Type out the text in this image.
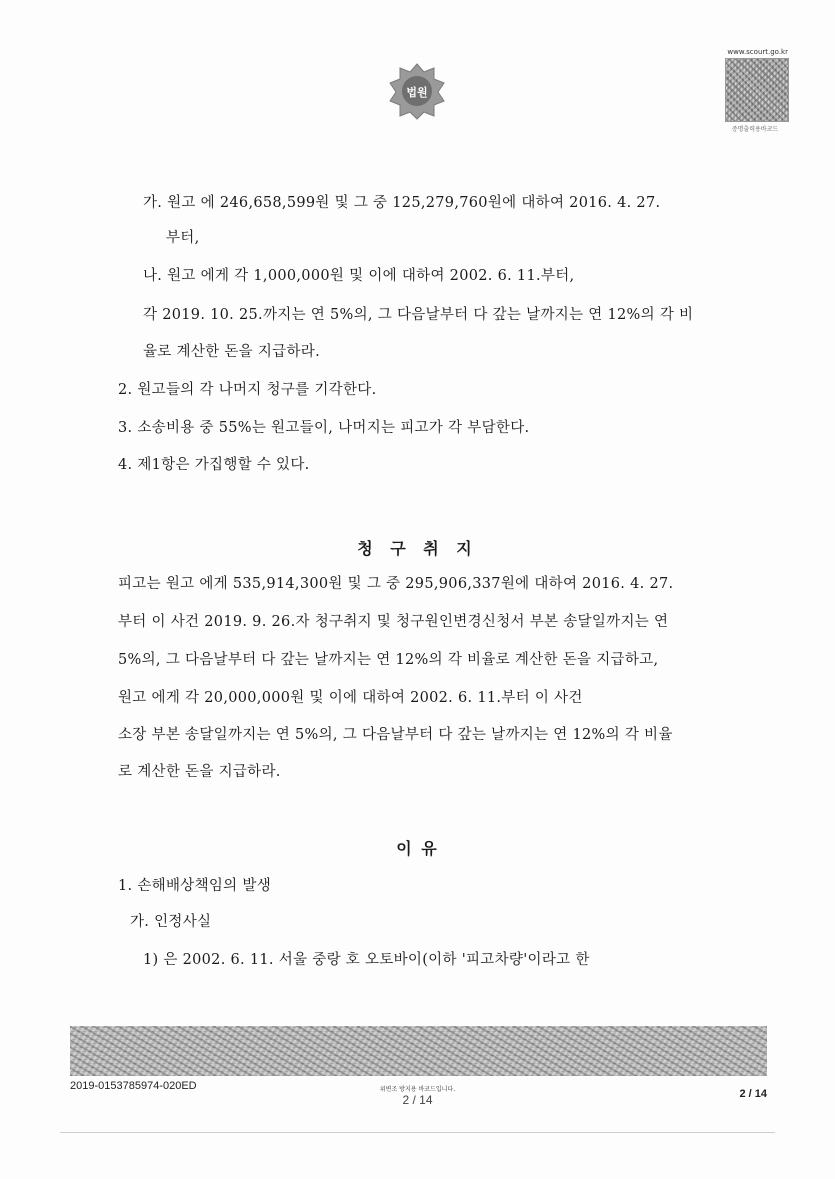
법원
www.scourt.go.kr
증명출력용바코드
가. 원고 에 246,658,599원 및 그 중 125,279,760원에 대하여 2016. 4. 27.
부터,
나. 원고 에게 각 1,000,000원 및 이에 대하여 2002. 6. 11.부터,
각 2019. 10. 25.까지는 연 5%의, 그 다음날부터 다 갚는 날까지는 연 12%의 각 비
율로 계산한 돈을 지급하라.
2. 원고들의 각 나머지 청구를 기각한다.
3. 소송비용 중 55%는 원고들이, 나머지는 피고가 각 부담한다.
4. 제1항은 가집행할 수 있다.
청 구 취 지
피고는 원고 에게 535,914,300원 및 그 중 295,906,337원에 대하여 2016. 4. 27.
부터 이 사건 2019. 9. 26.자 청구취지 및 청구원인변경신청서 부본 송달일까지는 연
5%의, 그 다음날부터 다 갚는 날까지는 연 12%의 각 비율로 계산한 돈을 지급하고,
원고 에게 각 20,000,000원 및 이에 대하여 2002. 6. 11.부터 이 사건
소장 부본 송달일까지는 연 5%의, 그 다음날부터 다 갚는 날까지는 연 12%의 각 비율
로 계산한 돈을 지급하라.
이 유
1. 손해배상책임의 발생
가. 인정사실
1) 은 2002. 6. 11. 서울 중랑 호 오토바이(이하 '피고차량'이라고 한
2019-0153785974-020ED	위변조 방지용 바코드입니다.
2 / 14	2 / 14
